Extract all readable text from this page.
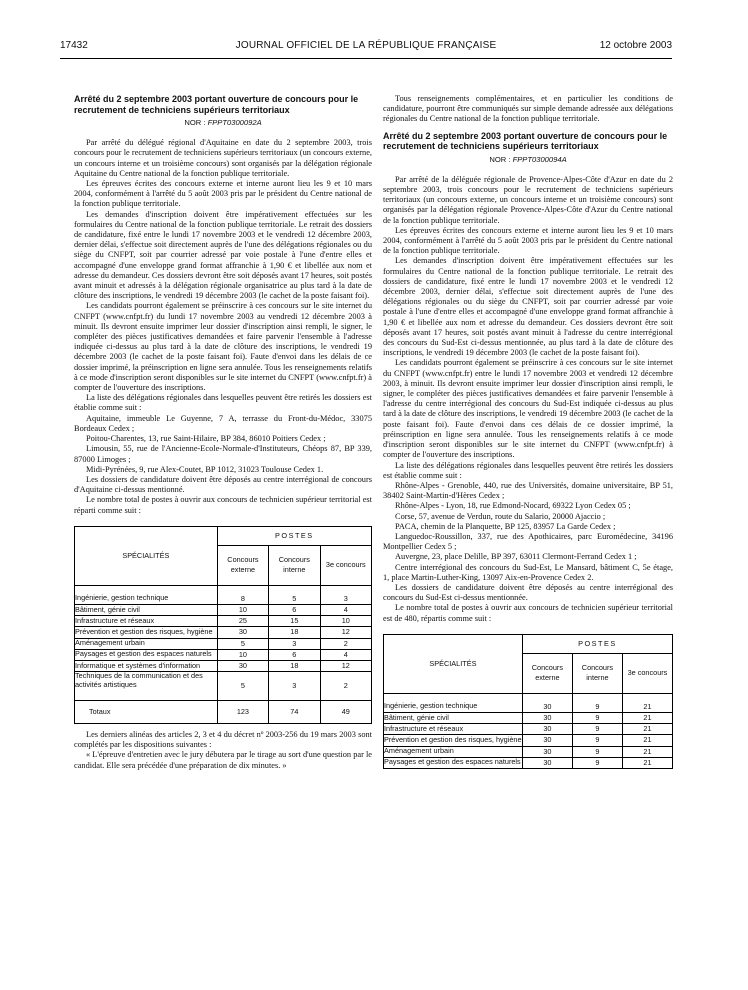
17432	JOURNAL OFFICIEL DE LA RÉPUBLIQUE FRANÇAISE	12 octobre 2003
Arrêté du 2 septembre 2003 portant ouverture de concours pour le recrutement de techniciens supérieurs territoriaux
NOR : FPPT0300092A

Par arrêté du délégué régional d'Aquitaine en date du 2 septembre 2003, trois concours pour le recrutement de techniciens supérieurs territoriaux (un concours externe, un concours interne et un troisième concours) sont organisés par la délégation régionale Aquitaine du Centre national de la fonction publique territoriale.

Les épreuves écrites des concours externe et interne auront lieu les 9 et 10 mars 2004, conformément à l'arrêté du 5 août 2003 pris par le président du Centre national de la fonction publique territoriale.

Les demandes d'inscription doivent être impérativement effectuées sur les formulaires du Centre national de la fonction publique territoriale. Le retrait des dossiers de candidature, fixé entre le lundi 17 novembre 2003 et le vendredi 12 décembre 2003, dernier délai, s'effectue soit directement auprès de l'une des délégations régionales ou du siège du CNFPT, soit par courrier adressé par voie postale à l'une d'entre elles et accompagné d'une enveloppe grand format affranchie à 1,90 € et libellée aux nom et adresse du demandeur. Ces dossiers devront être soit déposés avant 17 heures, soit postés avant minuit et adressés à la délégation régionale organisatrice au plus tard à la date de clôture des inscriptions, le vendredi 19 décembre 2003 (le cachet de la poste faisant foi).

Les candidats pourront également se préinscrire à ces concours sur le site internet du CNFPT (www.cnfpt.fr) du lundi 17 novembre 2003 au vendredi 12 décembre 2003 à minuit. Ils devront ensuite imprimer leur dossier d'inscription ainsi rempli, le signer, le compléter des pièces justificatives demandées et faire parvenir l'ensemble à l'adresse indiquée ci-dessus au plus tard à la date de clôture des inscriptions, le vendredi 19 décembre 2003 (le cachet de la poste faisant foi). Faute d'envoi dans les délais de ce dossier imprimé, la préinscription en ligne sera annulée. Tous les renseignements relatifs à ce mode d'inscription seront disponibles sur le site internet du CNFPT (www.cnfpt.fr) à compter de l'ouverture des inscriptions.

La liste des délégations régionales dans lesquelles peuvent être retirés les dossiers est établie comme suit :

Aquitaine, immeuble Le Guyenne, 7 A, terrasse du Front-du-Médoc, 33075 Bordeaux Cedex ;

Poitou-Charentes, 13, rue Saint-Hilaire, BP 384, 86010 Poitiers Cedex ;

Limousin, 55, rue de l'Ancienne-Ecole-Normale-d'Instituteurs, Chéops 87, BP 339, 87000 Limoges ;

Midi-Pyrénées, 9, rue Alex-Coutet, BP 1012, 31023 Toulouse Cedex 1.

Les dossiers de candidature doivent être déposés au centre interrégional de concours d'Aquitaine ci-dessus mentionné.

Le nombre total de postes à ouvrir aux concours de technicien supérieur territorial est réparti comme suit :

SPÉCIALITÉS	POSTES		
	Concours externe	Concours interne	3e concours
Ingénierie, gestion technique	8	5	3
Bâtiment, génie civil	10	6	4
Infrastructure et réseaux	25	15	10
Prévention et gestion des risques, hygiène	30	18	12
Aménagement urbain	5	3	2
Paysages et gestion des espaces naturels	10	6	4
Informatique et systèmes d'information	30	18	12
Techniques de la communication et des activités artistiques	5	3	2
Totaux	123	74	49

Les derniers alinéas des articles 2, 3 et 4 du décret nº 2003-256 du 19 mars 2003 sont complétés par les dispositions suivantes :

« L'épreuve d'entretien avec le jury débutera par le tirage au sort d'une question par le candidat. Elle sera précédée d'une préparation de dix minutes. »

Tous renseignements complémentaires, et en particulier les conditions de candidature, pourront être communiqués sur simple demande adressée aux délégations régionales du Centre national de la fonction publique territoriale.

Arrêté du 2 septembre 2003 portant ouverture de concours pour le recrutement de techniciens supérieurs territoriaux
NOR : FPPT0300094A

Par arrêté de la déléguée régionale de Provence-Alpes-Côte d'Azur en date du 2 septembre 2003, trois concours pour le recrutement de techniciens supérieurs territoriaux (un concours externe, un concours interne et un troisième concours) sont organisés par la délégation régionale Provence-Alpes-Côte d'Azur du Centre national de la fonction publique territoriale.

Les épreuves écrites des concours externe et interne auront lieu les 9 et 10 mars 2004, conformément à l'arrêté du 5 août 2003 pris par le président du Centre national de la fonction publique territoriale.

Les demandes d'inscription doivent être impérativement effectuées sur les formulaires du Centre national de la fonction publique territoriale. Le retrait des dossiers de candidature, fixé entre le lundi 17 novembre 2003 et le vendredi 12 décembre 2003, dernier délai, s'effectue soit directement auprès de l'une des délégations régionales ou du siège du CNFPT, soit par courrier adressé par voie postale à l'une d'entre elles et accompagné d'une enveloppe grand format affranchie à 1,90 € et libellée aux nom et adresse du demandeur. Ces dossiers devront être soit déposés avant 17 heures, soit postés avant minuit à l'adresse du centre interrégional des concours du Sud-Est ci-dessus mentionnée, au plus tard à la date de clôture des inscriptions, le vendredi 19 décembre 2003 (le cachet de la poste faisant foi).

Les candidats pourront également se préinscrire à ces concours sur le site internet du CNFPT (www.cnfpt.fr) entre le lundi 17 novembre 2003 et vendredi 12 décembre 2003, à minuit. Ils devront ensuite imprimer leur dossier d'inscription ainsi rempli, le signer, le compléter des pièces justificatives demandées et faire parvenir l'ensemble à l'adresse du centre interrégional des concours du Sud-Est indiquée ci-dessus au plus tard à la date de clôture des inscriptions, le vendredi 19 décembre 2003 (le cachet de la poste faisant foi). Faute d'envoi dans ces délais de ce dossier imprimé, la préinscription en ligne sera annulée. Tous les renseignements relatifs à ce mode d'inscription seront disponibles sur le site internet du CNFPT (www.cnfpt.fr) à compter de l'ouverture des inscriptions.

La liste des délégations régionales dans lesquelles peuvent être retirés les dossiers est établie comme suit :

Rhône-Alpes - Grenoble, 440, rue des Universités, domaine universitaire, BP 51, 38402 Saint-Martin-d'Hères Cedex ;

Rhône-Alpes - Lyon, 18, rue Edmond-Nocard, 69322 Lyon Cedex 05 ;

Corse, 57, avenue de Verdun, route du Salario, 20000 Ajaccio ;

PACA, chemin de la Planquette, BP 125, 83957 La Garde Cedex ;

Languedoc-Roussillon, 337, rue des Apothicaires, parc Euromédecine, 34196 Montpellier Cedex 5 ;

Auvergne, 23, place Delille, BP 397, 63011 Clermont-Ferrand Cedex 1 ;

Centre interrégional des concours du Sud-Est, Le Mansard, bâtiment C, 5e étage, 1, place Martin-Luther-King, 13097 Aix-en-Provence Cedex 2.

Les dossiers de candidature doivent être déposés au centre interrégional des concours du Sud-Est ci-dessus mentionnée.

Le nombre total de postes à ouvrir aux concours de technicien supérieur territorial est de 480, répartis comme suit :

SPÉCIALITÉS	POSTES		
	Concours externe	Concours interne	3e concours
Ingénierie, gestion technique	30	9	21
Bâtiment, génie civil	30	9	21
Infrastructure et réseaux	30	9	21
Prévention et gestion des risques, hygiène	30	9	21
Aménagement urbain	30	9	21
Paysages et gestion des espaces naturels	30	9	21
